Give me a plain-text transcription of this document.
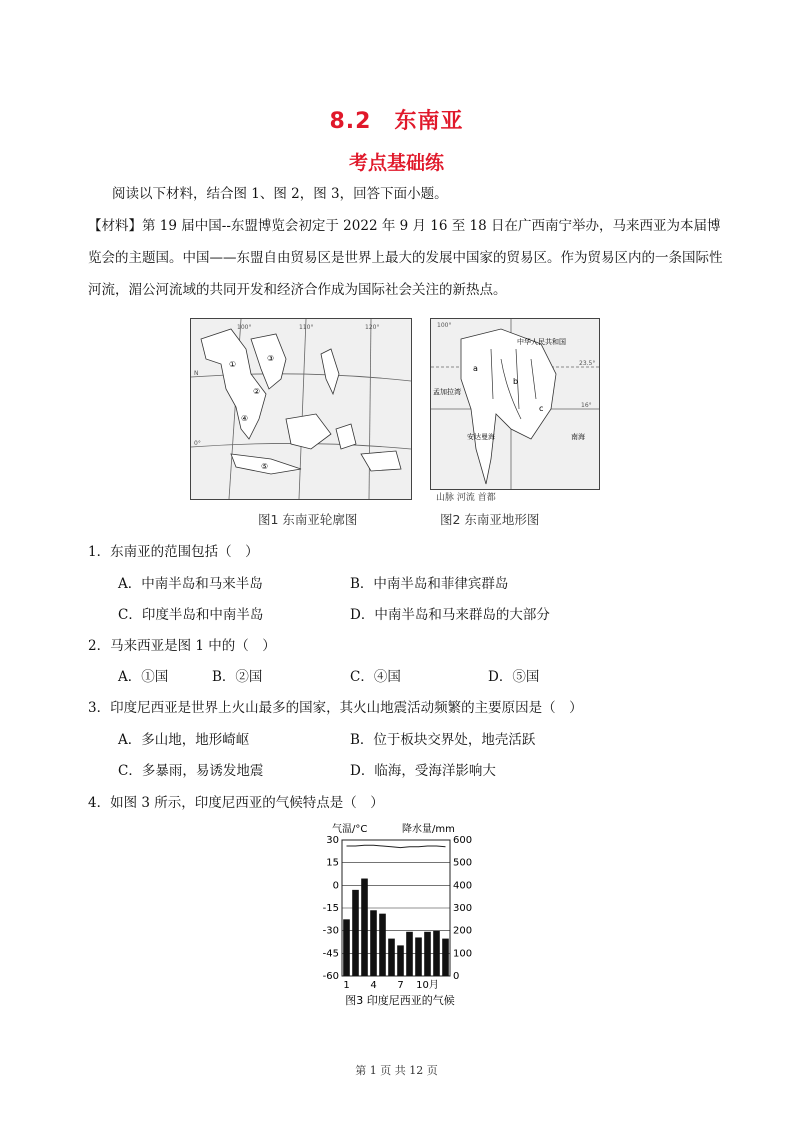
8.2　东南亚
考点基础练
阅读以下材料，结合图 1、图 2，图 3，回答下面小题。
【材料】第 19 届中国--东盟博览会初定于 2022 年 9 月 16 至 18 日在广西南宁举办，马来西亚为本届博览会的主题国。中国——东盟自由贸易区是世界上最大的发展中国家的贸易区。作为贸易区内的一条国际性河流，湄公河流域的共同开发和经济合作成为国际社会关注的新热点。
100°	110°	120°
N
0°
①
②
③
④
⑤
图1 东南亚轮廓图
100°
中华人民共和国
23.5°
16°
a
b
c
孟加拉湾
安达曼海	南海
山脉 河流 首都
图2 东南亚地形图
1．东南亚的范围包括（　）
A．中南半岛和马来半岛	B．中南半岛和菲律宾群岛
C．印度半岛和中南半岛	D．中南半岛和马来群岛的大部分
2．马来西亚是图 1 中的（　）
A．①国	B．②国	C．④国	D．⑤国
3．印度尼西亚是世界上火山最多的国家，其火山地震活动频繁的主要原因是（　）
A．多山地，地形崎岖	B．位于板块交界处，地壳活跃
C．多暴雨，易诱发地震	D．临海，受海洋影响大
4．如图 3 所示，印度尼西亚的气候特点是（　）
气温/°C	降水量/mm
30
15
0
-15
-30
-45
-60
600
500
400
300
200
100
0
1 4 7 10月
图3 印度尼西亚的气候
第 1 页 共 12 页
